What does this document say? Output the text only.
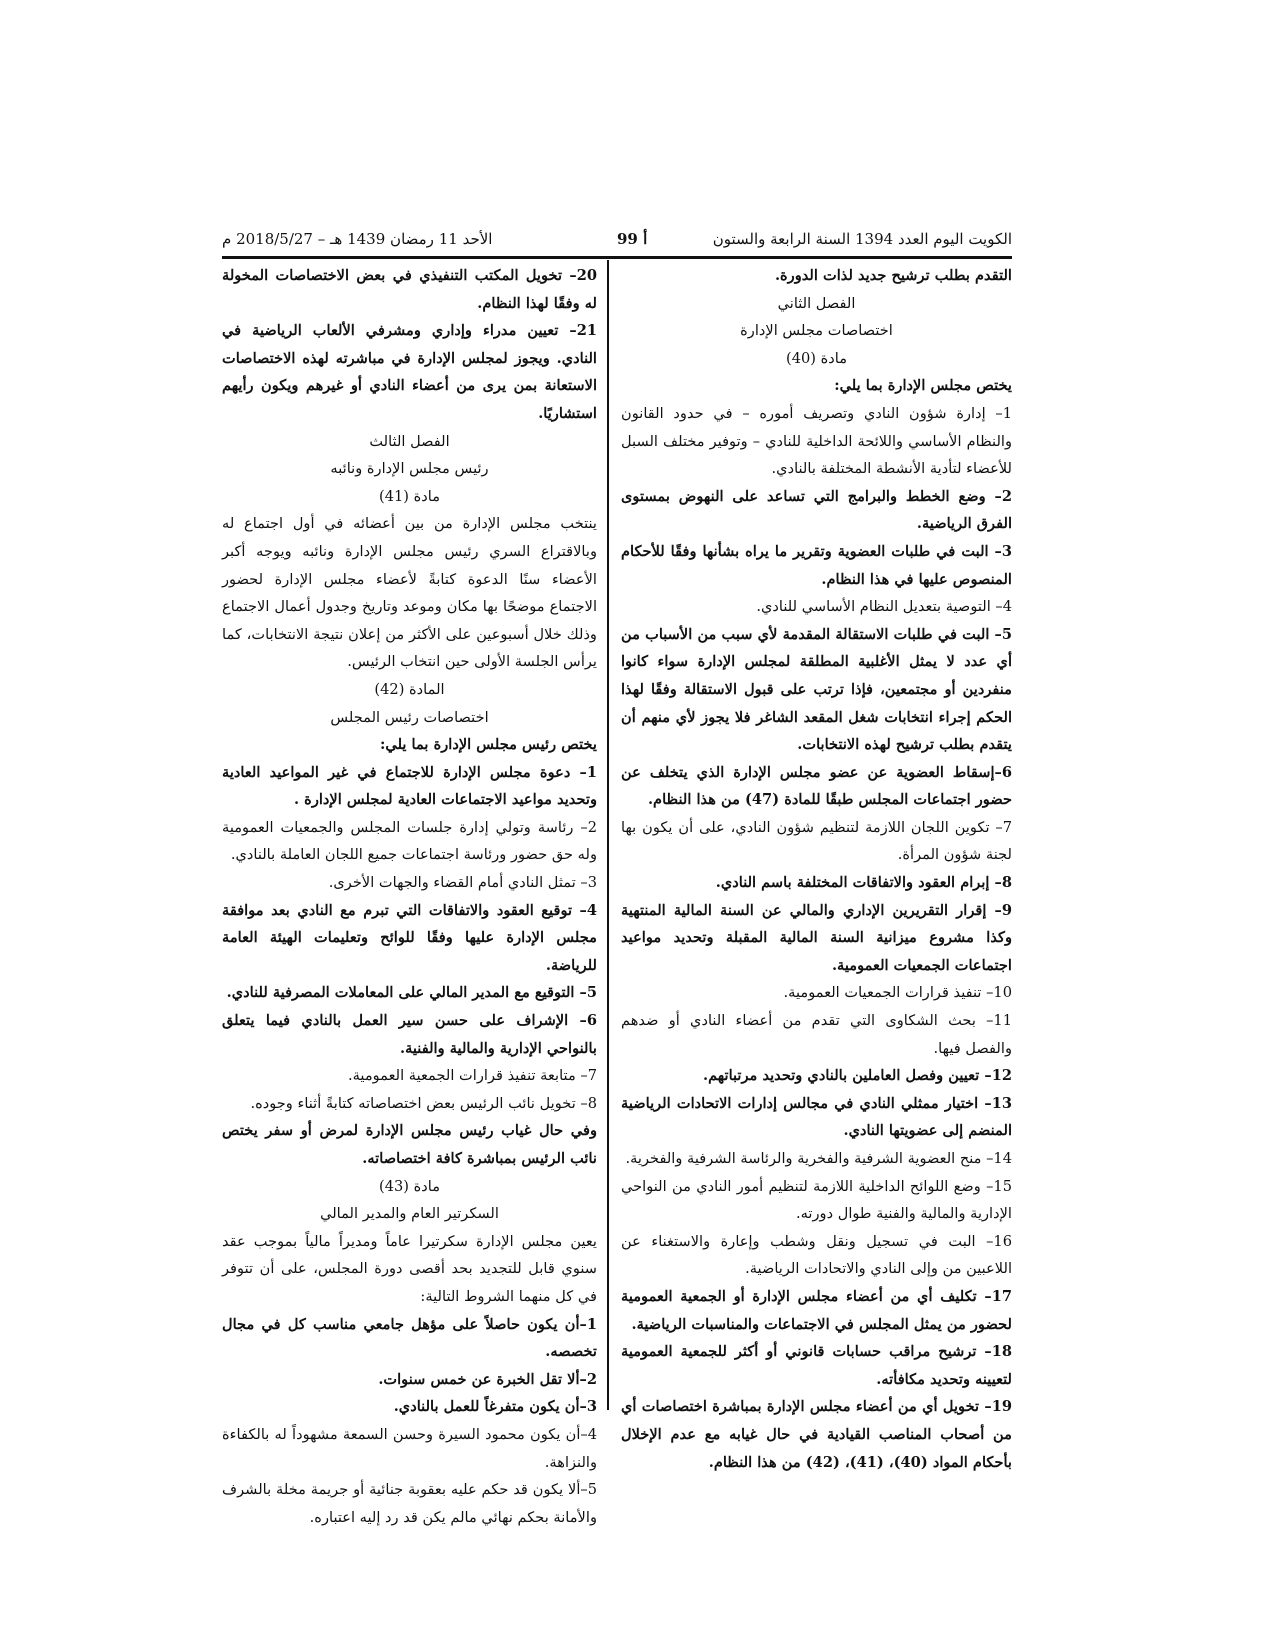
الكويت اليوم العدد 1394 السنة الرابعة والستون
أ 99
الأحد 11 رمضان 1439 هـ – 2018/5/27 م

التقدم بطلب ترشيح جديد لذات الدورة.

الفصل الثاني

اختصاصات مجلس الإدارة

مادة (40)

يختص مجلس الإدارة بما يلي:

1– إدارة شؤون النادي وتصريف أموره – في حدود القانون والنظام الأساسي واللائحة الداخلية للنادي – وتوفير مختلف السبل للأعضاء لتأدية الأنشطة المختلفة بالنادي.

2– وضع الخطط والبرامج التي تساعد على النهوض بمستوى الفرق الرياضية.

3– البت في طلبات العضوية وتقرير ما يراه بشأنها وفقًا للأحكام المنصوص عليها في هذا النظام.

4– التوصية بتعديل النظام الأساسي للنادي.

5– البت في طلبات الاستقالة المقدمة لأي سبب من الأسباب من أي عدد لا يمثل الأغلبية المطلقة لمجلس الإدارة سواء كانوا منفردين أو مجتمعين، فإذا ترتب على قبول الاستقالة وفقًا لهذا الحكم إجراء انتخابات شغل المقعد الشاغر فلا يجوز لأي منهم أن يتقدم بطلب ترشيح لهذه الانتخابات.

6–إسقاط العضوية عن عضو مجلس الإدارة الذي يتخلف عن حضور اجتماعات المجلس طبقًا للمادة (47) من هذا النظام.

7– تكوين اللجان اللازمة لتنظيم شؤون النادي، على أن يكون بها لجنة شؤون المرأة.

8– إبرام العقود والاتفاقات المختلفة باسم النادي.

9– إقرار التقريرين الإداري والمالي عن السنة المالية المنتهية وكذا مشروع ميزانية السنة المالية المقبلة وتحديد مواعيد اجتماعات الجمعيات العمومية.

10– تنفيذ قرارات الجمعيات العمومية.

11– بحث الشكاوى التي تقدم من أعضاء النادي أو ضدهم والفصل فيها.

12– تعيين وفصل العاملين بالنادي وتحديد مرتباتهم.

13– اختيار ممثلي النادي في مجالس إدارات الاتحادات الرياضية المنضم إلى عضويتها النادي.

14– منح العضوية الشرفية والفخرية والرئاسة الشرفية والفخرية.

15– وضع اللوائح الداخلية اللازمة لتنظيم أمور النادي من النواحي الإدارية والمالية والفنية طوال دورته.

16– البت في تسجيل ونقل وشطب وإعارة والاستغناء عن اللاعبين من وإلى النادي والاتحادات الرياضية.

17– تكليف أي من أعضاء مجلس الإدارة أو الجمعية العمومية لحضور من يمثل المجلس في الاجتماعات والمناسبات الرياضية.

18– ترشيح مراقب حسابات قانوني أو أكثر للجمعية العمومية لتعيينه وتحديد مكافأته.

19– تخويل أي من أعضاء مجلس الإدارة بمباشرة اختصاصات أي من أصحاب المناصب القيادية في حال غيابه مع عدم الإخلال بأحكام المواد (40)، (41)، (42) من هذا النظام.

20– تخويل المكتب التنفيذي في بعض الاختصاصات المخولة له وفقًا لهذا النظام.

21– تعيين مدراء وإداري ومشرفي الألعاب الرياضية في النادي. ويجوز لمجلس الإدارة في مباشرته لهذه الاختصاصات الاستعانة بمن يرى من أعضاء النادي أو غيرهم ويكون رأيهم استشاريًا.

الفصل الثالث

رئيس مجلس الإدارة ونائبه

مادة (41)

ينتخب مجلس الإدارة من بين أعضائه في أول اجتماع له وبالاقتراع السري رئيس مجلس الإدارة ونائبه ويوجه أكبر الأعضاء سنًا الدعوة كتابةً لأعضاء مجلس الإدارة لحضور الاجتماع موضحًا بها مكان وموعد وتاريخ وجدول أعمال الاجتماع وذلك خلال أسبوعين على الأكثر من إعلان نتيجة الانتخابات، كما يرأس الجلسة الأولى حين انتخاب الرئيس.

المادة (42)

اختصاصات رئيس المجلس

يختص رئيس مجلس الإدارة بما يلي:

1– دعوة مجلس الإدارة للاجتماع في غير المواعيد العادية وتحديد مواعيد الاجتماعات العادية لمجلس الإدارة .

2– رئاسة وتولي إدارة جلسات المجلس والجمعيات العمومية وله حق حضور ورئاسة اجتماعات جميع اللجان العاملة بالنادي.

3– تمثل النادي أمام القضاء والجهات الأخرى.

4– توقيع العقود والاتفاقات التي تبرم مع النادي بعد موافقة مجلس الإدارة عليها وفقًا للوائح وتعليمات الهيئة العامة للرياضة.

5– التوقيع مع المدير المالي على المعاملات المصرفية للنادي.

6– الإشراف على حسن سير العمل بالنادي فيما يتعلق بالنواحي الإدارية والمالية والفنية.

7– متابعة تنفيذ قرارات الجمعية العمومية.

8– تخويل نائب الرئيس بعض اختصاصاته كتابةً أثناء وجوده.

وفي حال غياب رئيس مجلس الإدارة لمرض أو سفر يختص نائب الرئيس بمباشرة كافة اختصاصاته.

مادة (43)

السكرتير العام والمدير المالي

يعين مجلس الإدارة سكرتيرا عاماً ومديراً مالياً بموجب عقد سنوي قابل للتجديد بحد أقصى دورة المجلس، على أن تتوفر في كل منهما الشروط التالية:

1–أن يكون حاصلاً على مؤهل جامعي مناسب كل في مجال تخصصه.

2–ألا تقل الخبرة عن خمس سنوات.

3–أن يكون متفرغاً للعمل بالنادي.

4–أن يكون محمود السيرة وحسن السمعة مشهوداً له بالكفاءة والنزاهة.

5–ألا يكون قد حكم عليه بعقوبة جنائية أو جريمة مخلة بالشرف والأمانة بحكم نهائي مالم يكن قد رد إليه اعتباره.
